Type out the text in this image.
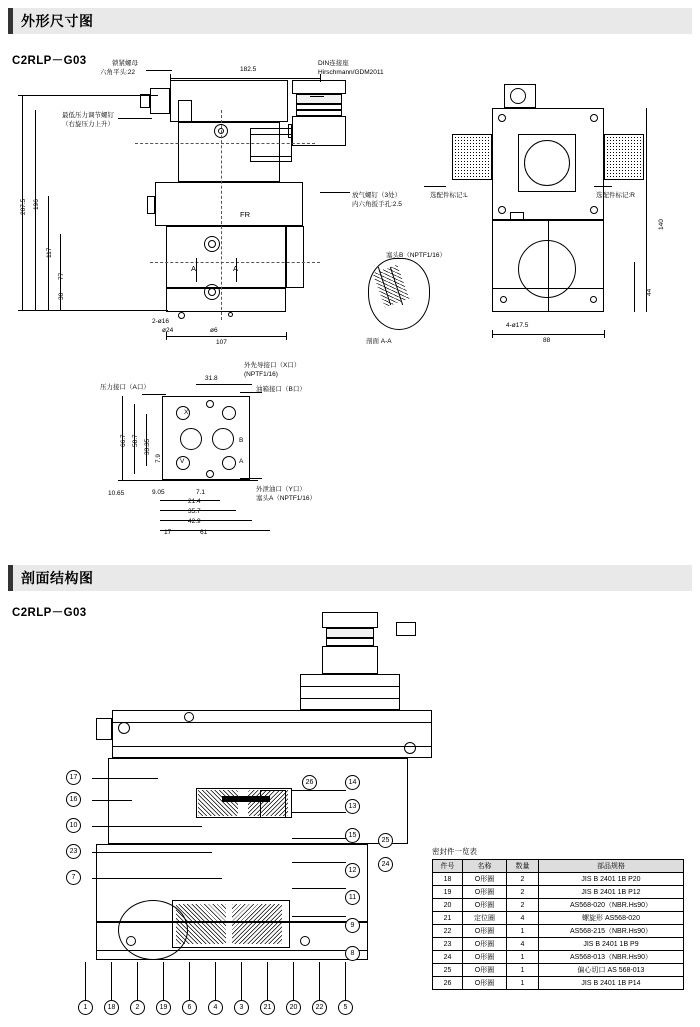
外形尺寸图
C2RLP－G03
X
B
V	A
锁紧螺母
六角平头:22
最低压力调节螺钉
（右旋压力上升）
DIN连接座
Hirschmann/GDM2011
放气螺钉（3处）
内六角扳手孔:2.5
选配件标记:L	选配件标记:R
塞头B（NPTF1/16）
剖面 A-A
FR
A	A
压力接口（A口）
外先导接口（X口）
(NPTF1/16)
油箱接口（B口）
外泄油口（Y口）
塞头A（NPTF1/16）
182.5
207.5 196
117
77
30
107
2-ø16
ø24	ø6
140
44
88
4-ø17.5
31.8
66.7 58.7 33.35
7.9
10.65	9.05	7.1
21.4
35.7
42.9
17	61
剖面结构图
C2RLP－G03
17
16
10
23
7
26	14
13
15
25
24
12
11
9
8
1	18	2	19	6	4	3	21	20	22	5
密封件一览表
件号	名称	数量	部品规格
18	O形圈	2	JIS B 2401 1B P20
19	O形圈	2	JIS B 2401 1B P12
20	O形圈	2	AS568-020（NBR.Hs90）
21	定位圈	4	螺旋形 AS568-020
22	O形圈	1	AS568-215（NBR.Hs90）
23	O形圈	4	JIS B 2401 1B P9
24	O形圈	1	AS568-013（NBR.Hs90）
25	O形圈	1	偏心切口 AS 568-013
26	O形圈	1	JIS B 2401 1B P14
